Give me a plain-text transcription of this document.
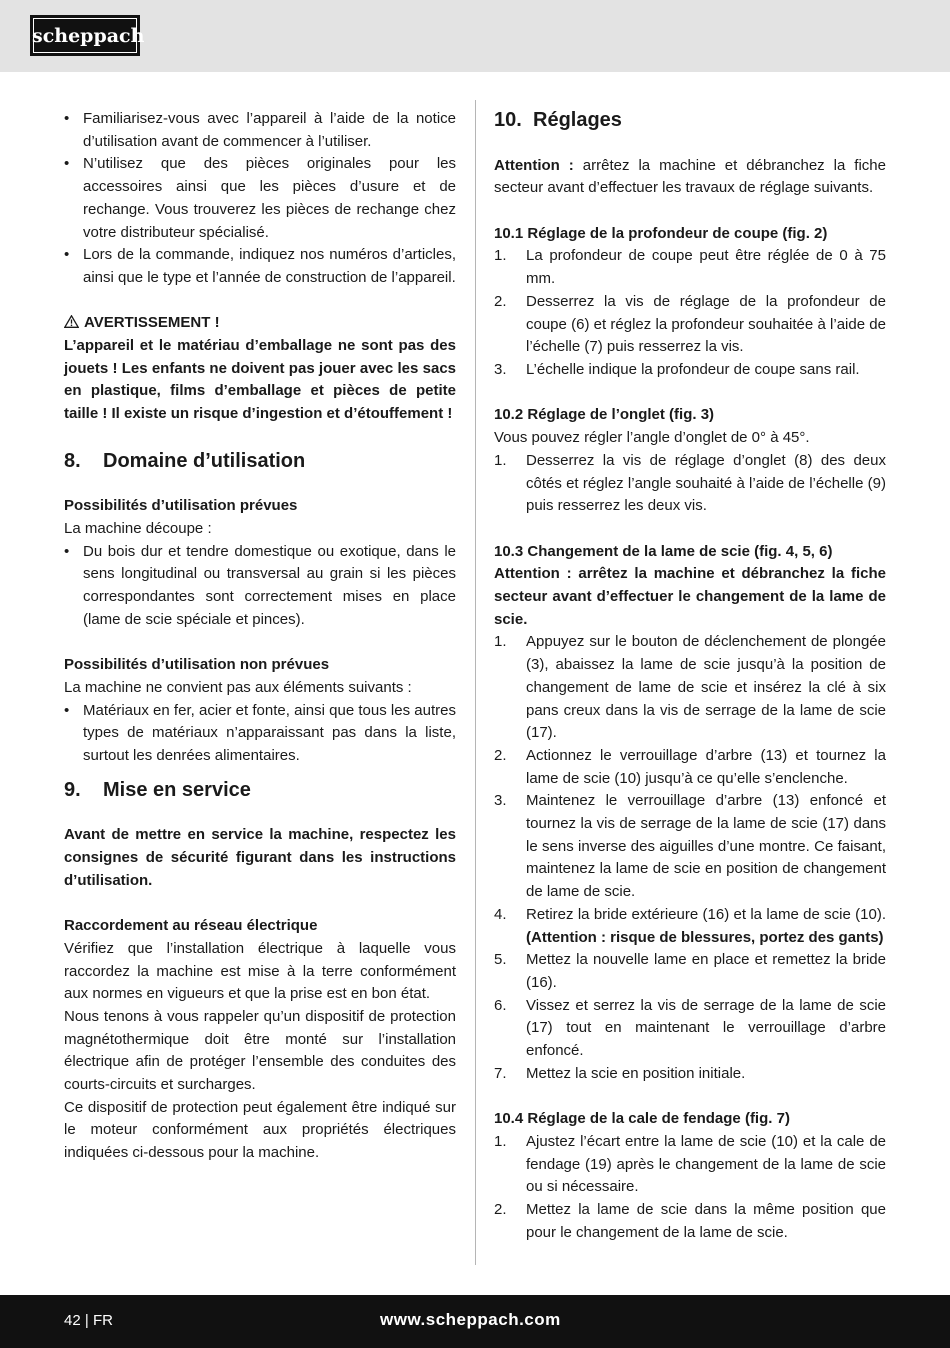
scheppach
• Familiarisez-vous avec l’appareil à l’aide de la notice d’utilisation avant de commencer à l’utiliser.
• N’utilisez que des pièces originales pour les accessoires ainsi que les pièces d’usure et de rechange. Vous trouverez les pièces de rechange chez votre distributeur spécialisé.
• Lors de la commande, indiquez nos numéros d’articles, ainsi que le type et l’année de construction de l’appareil.

AVERTISSEMENT !

L’appareil et le matériau d’emballage ne sont pas des jouets ! Les enfants ne doivent pas jouer avec les sacs en plastique, films d’emballage et pièces de petite taille ! Il existe un risque d’ingestion et d’étouffement !

8. Domaine d’utilisation

Possibilités d’utilisation prévues

La machine découpe :

• Du bois dur et tendre domestique ou exotique, dans le sens longitudinal ou transversal au grain si les pièces correspondantes sont correctement mises en place (lame de scie spéciale et pinces).

Possibilités d’utilisation non prévues

La machine ne convient pas aux éléments suivants :

• Matériaux en fer, acier et fonte, ainsi que tous les autres types de matériaux n’apparaissant pas dans la liste, surtout les denrées alimentaires.
9. Mise en service

Avant de mettre en service la machine, respectez les consignes de sécurité figurant dans les instructions d’utilisation.

Raccordement au réseau électrique

Vérifiez que l’installation électrique à laquelle vous raccordez la machine est mise à la terre conformément aux normes en vigueurs et que la prise est en bon état.

Nous tenons à vous rappeler qu’un dispositif de protection magnétothermique doit être monté sur l’installation électrique afin de protéger l’ensemble des conduites des courts-circuits et surcharges.

Ce dispositif de protection peut également être indiqué sur le moteur conformément aux propriétés électriques indiquées ci-dessous pour la machine.

10. Réglages

Attention : arrêtez la machine et débranchez la fiche secteur avant d’effectuer les travaux de réglage suivants.

10.1 Réglage de la profondeur de coupe (fig. 2)

1. La profondeur de coupe peut être réglée de 0 à 75 mm.
2. Desserrez la vis de réglage de la profondeur de coupe (6) et réglez la profondeur souhaitée à l’aide de l’échelle (7) puis resserrez la vis.
3. L’échelle indique la profondeur de coupe sans rail.

10.2 Réglage de l’onglet (fig. 3)

Vous pouvez régler l’angle d’onglet de 0° à 45°.

1. Desserrez la vis de réglage d’onglet (8) des deux côtés et réglez l’angle souhaité à l’aide de l’échelle (9) puis resserrez les deux vis.

10.3 Changement de la lame de scie (fig. 4, 5, 6)

Attention : arrêtez la machine et débranchez la fiche secteur avant d’effectuer le changement de la lame de scie.

1. Appuyez sur le bouton de déclenchement de plongée (3), abaissez la lame de scie jusqu’à la position de changement de lame de scie et insérez la clé à six pans creux dans la vis de serrage de la lame de scie (17).
2. Actionnez le verrouillage d’arbre (13) et tournez la lame de scie (10) jusqu’à ce qu’elle s’enclenche.
3. Maintenez le verrouillage d’arbre (13) enfoncé et tournez la vis de serrage de la lame de scie (17) dans le sens inverse des aiguilles d’une montre. Ce faisant, maintenez la lame de scie en position de changement de lame de scie.
4. Retirez la bride extérieure (16) et la lame de scie (10). (Attention : risque de blessures, portez des gants)
5. Mettez la nouvelle lame en place et remettez la bride (16).
6. Vissez et serrez la vis de serrage de la lame de scie (17) tout en maintenant le verrouillage d’arbre enfoncé.
7. Mettez la scie en position initiale.

10.4 Réglage de la cale de fendage (fig. 7)

1. Ajustez l’écart entre la lame de scie (10) et la cale de fendage (19) après le changement de la lame de scie ou si nécessaire.
2. Mettez la lame de scie dans la même position que pour le changement de la lame de scie.
42 | FR	www.scheppach.com
